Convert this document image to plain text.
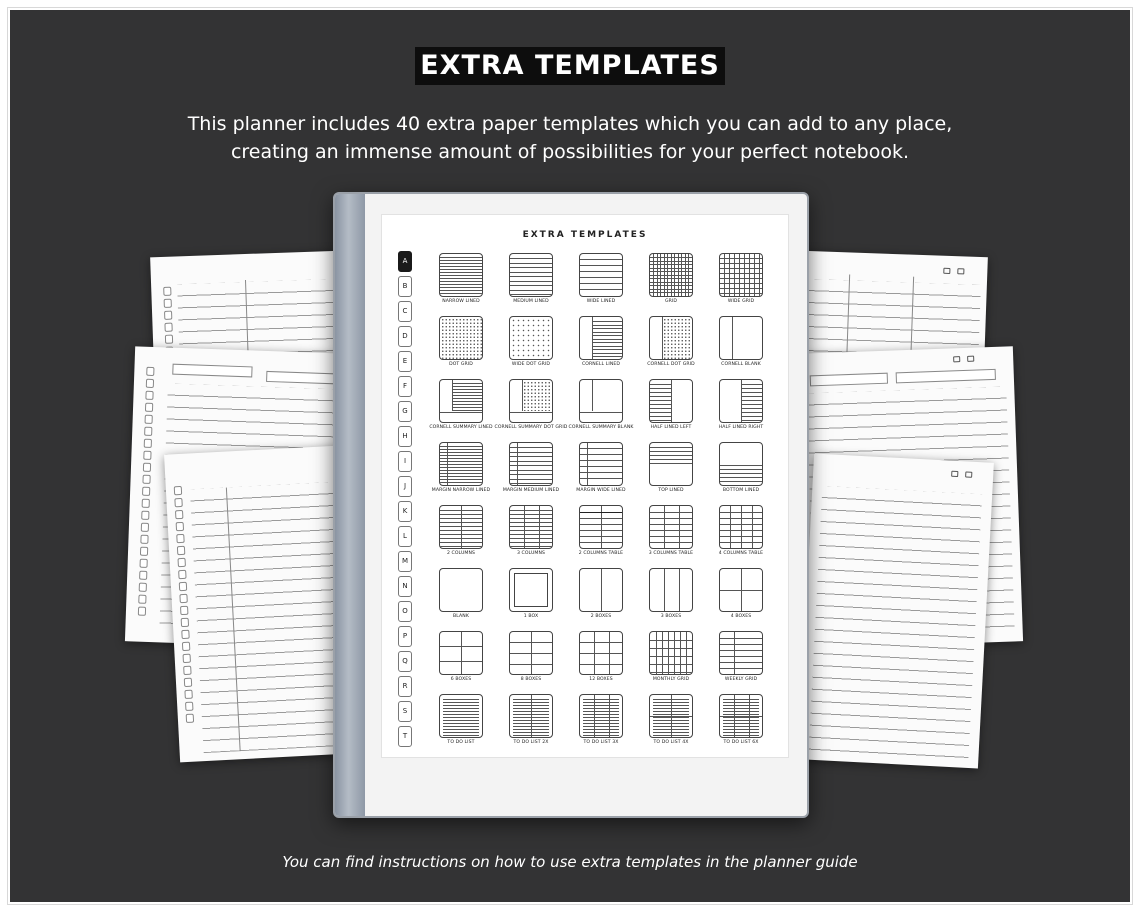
EXTRA TEMPLATES
This planner includes 40 extra paper templates which you can add to any place,
creating an immense amount of possibilities for your perfect notebook.
EXTRA TEMPLATES
A
B
C
D
E
F
G
H
I
J
K
L
M
N
O
P
Q
R
S
T
NARROW LINED	MEDIUM LINED	WIDE LINED	GRID	WIDE GRID
DOT GRID	WIDE DOT GRID	CORNELL LINED	CORNELL DOT GRID	CORNELL BLANK
CORNELL SUMMARY LINED CORNELL SUMMARY DOT GRID CORNELL SUMMARY BLANK	HALF LINED LEFT	HALF LINED RIGHT
MARGIN NARROW LINED	MARGIN MEDIUM LINED	MARGIN WIDE LINED	TOP LINED	BOTTOM LINED
2 COLUMNS	3 COLUMNS	2 COLUMNS TABLE	3 COLUMNS TABLE	4 COLUMNS TABLE
BLANK	1 BOX	2 BOXES	3 BOXES	4 BOXES
6 BOXES	8 BOXES	12 BOXES	MONTHLY GRID	WEEKLY GRID
TO DO LIST	TO DO LIST 2X	TO DO LIST 3X	TO DO LIST 4X	TO DO LIST 6X
You can find instructions on how to use extra templates in the planner guide
